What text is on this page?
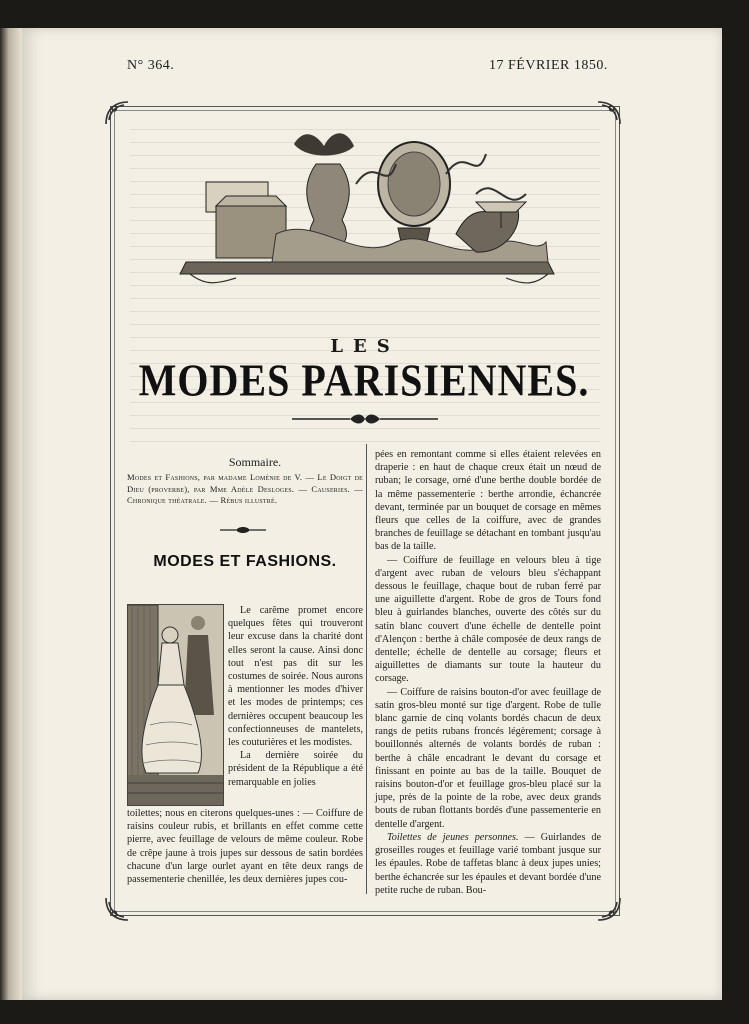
N° 364.	17 FÉVRIER 1850.
LES
MODES PARISIENNES.
Sommaire.
Modes et Fashions, par madame Loménie de V. — Le Doigt de Dieu (proverbe), par Mme Adèle Desloges. — Causeries. — Chronique théatrale. — Rébus illustré.
MODES ET FASHIONS.

Le carême promet encore quelques fêtes qui trouveront leur excuse dans la charité dont elles seront la cause. Ainsi donc tout n'est pas dit sur les costumes de soirée. Nous aurons à mentionner les modes d'hiver et les modes de printemps; ces dernières occupent beaucoup les confectionneuses de mantelets, les couturières et les modistes.

La dernière soirée du président de la République a été remarquable en jolies

toilettes; nous en citerons quelques-unes : — Coiffure de raisins couleur rubis, et brillants en effet comme cette pierre, avec feuillage de velours de même couleur. Robe de crêpe jaune à trois jupes sur dessous de satin bordées chacune d'un large ourlet ayant en tête deux rangs de passementerie chenillée, les deux dernières jupes cou-

pées en remontant comme si elles étaient relevées en draperie : en haut de chaque creux était un nœud de ruban; le corsage, orné d'une berthe double bordée de la même passementerie : berthe arrondie, échancrée devant, terminée par un bouquet de corsage en mêmes fleurs que celles de la coiffure, avec de grandes branches de feuillage se détachant en tombant jusqu'au bas de la taille.

— Coiffure de feuillage en velours bleu à tige d'argent avec ruban de velours bleu s'échappant dessous le feuillage, chaque bout de ruban ferré par une aiguillette d'argent. Robe de gros de Tours fond bleu à guirlandes blanches, ouverte des côtés sur du satin blanc couvert d'une échelle de dentelle point d'Alençon : berthe à châle composée de deux rangs de dentelle; échelle de dentelle au corsage; fleurs et aiguillettes de diamants sur toute la hauteur du corsage.

— Coiffure de raisins bouton-d'or avec feuillage de satin gros-bleu monté sur tige d'argent. Robe de tulle blanc garnie de cinq volants bordés chacun de deux rangs de petits rubans froncés légèrement; corsage à bouillonnés alternés de volants bordés de ruban : berthe à châle encadrant le devant du corsage et finissant en pointe au bas de la taille. Bouquet de raisins bouton-d'or et feuillage gros-bleu placé sur la jupe, près de la pointe de la robe, avec deux grands bouts de ruban flottants bordés d'une passementerie en dentelle d'argent.

Toilettes de jeunes personnes. — Guirlandes de groseilles rouges et feuillage varié tombant jusque sur les épaules. Robe de taffetas blanc à deux jupes unies; berthe échancrée sur les épaules et devant bordée d'une petite ruche de ruban. Bou-
